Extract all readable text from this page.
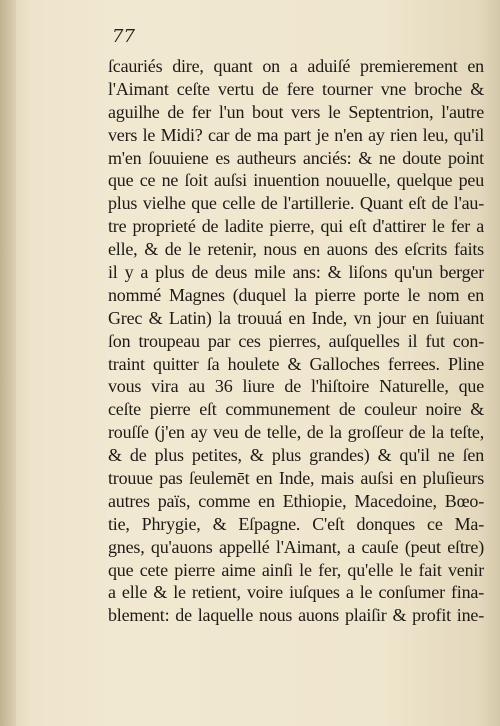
77
ſcauriés dire, quant on a aduiſé premierement en
l'Aimant ceſte vertu de fere tourner vne broche &
aguilhe de fer l'un bout vers le Septentrion, l'autre
vers le Midi? car de ma part je n'en ay rien leu, qu'il
m'en ſouuiene es autheurs anciés: & ne doute point
que ce ne ſoit auſsi inuention nouuelle, quelque peu
plus vielhe que celle de l'artillerie. Quant eſt de l'au-
tre proprieté de ladite pierre, qui eſt d'attirer le fer a
elle, & de le retenir, nous en auons des eſcrits faits
il y a plus de deus mile ans: & liſons qu'un berger
nommé Magnes (duquel la pierre porte le nom en
Grec & Latin) la trouuá en Inde, vn jour en ſuiuant
ſon troupeau par ces pierres, auſquelles il fut con-
traint quitter ſa houlete & Galloches ferrees. Pline
vous vira au 36 liure de l'hiſtoire Naturelle, que
ceſte pierre eſt communement de couleur noire &
rouſſe (j'en ay veu de telle, de la groſſeur de la teſte,
& de plus petites, & plus grandes) & qu'il ne ſen
trouue pas ſeulemēt en Inde, mais auſsi en pluſieurs
autres païs, comme en Ethiopie, Macedoine, Bœo-
tie, Phrygie, & Eſpagne. C'eſt donques ce Ma-
gnes, qu'auons appellé l'Aimant, a cauſe (peut eſtre)
que cete pierre aime ainſi le fer, qu'elle le fait venir
a elle & le retient, voire iuſques a le conſumer fina-
blement: de laquelle nous auons plaiſir & profit ine-
